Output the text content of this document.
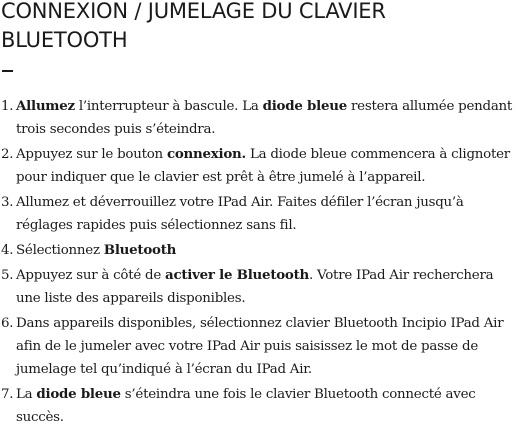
CONNEXION / JUMELAGE DU CLAVIER BLUETOOTH
1. Allumez l’interrupteur à bascule. La diode bleue restera allumée pendant trois secondes puis s’éteindra.
2. Appuyez sur le bouton connexion. La diode bleue commencera à clignoter pour indiquer que le clavier est prêt à être jumelé à l’appareil.
3. Allumez et déverrouillez votre IPad Air. Faites défiler l’écran jusqu’à réglages rapides puis sélectionnez sans fil.
4. Sélectionnez Bluetooth
5. Appuyez sur à côté de activer le Bluetooth. Votre IPad Air recherchera une liste des appareils disponibles.
6. Dans appareils disponibles, sélectionnez clavier Bluetooth Incipio IPad Air afin de le jumeler avec votre IPad Air puis saisissez le mot de passe de jumelage tel qu’indiqué à l’écran du IPad Air.
7. La diode bleue s’éteindra une fois le clavier Bluetooth connecté avec succès.
